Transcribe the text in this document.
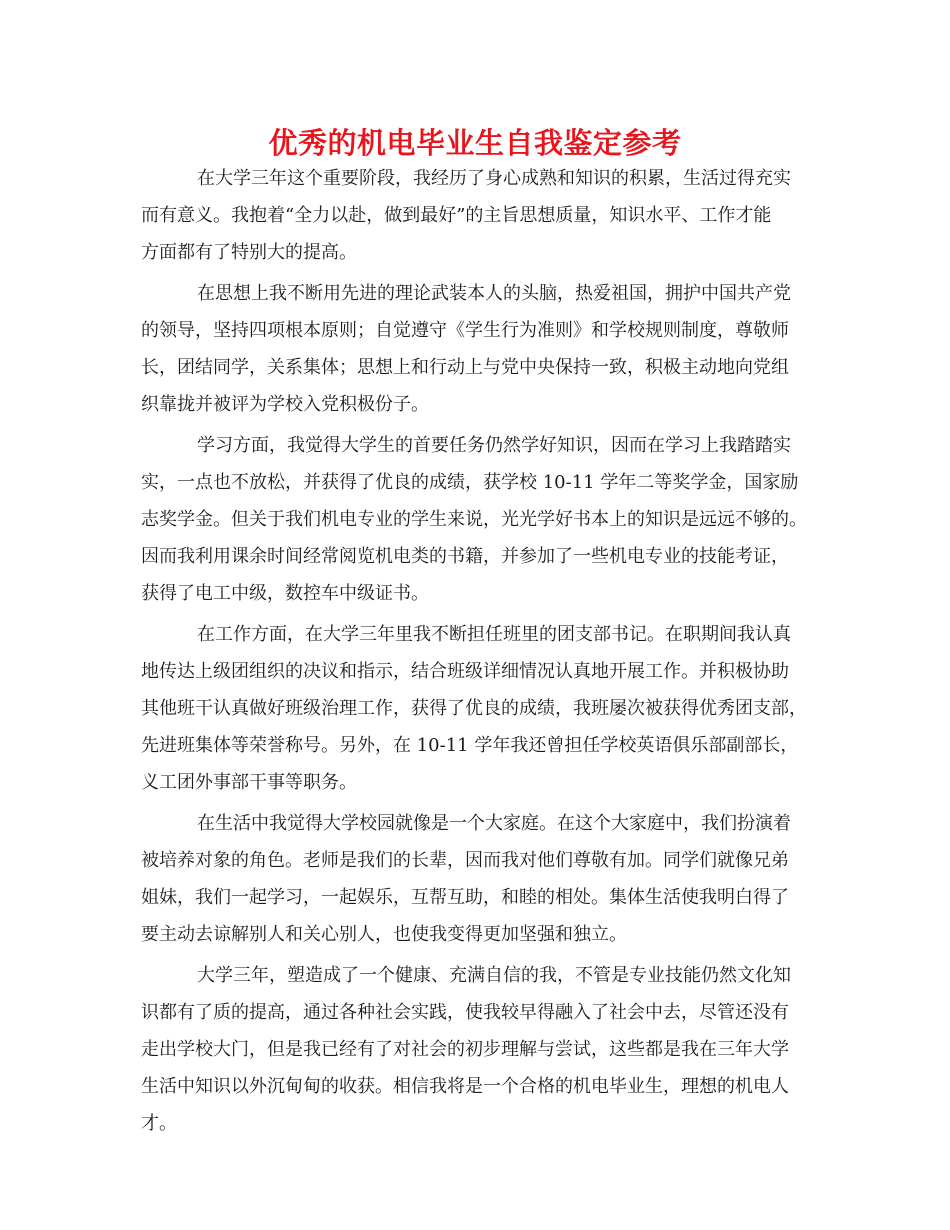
优秀的机电毕业生自我鉴定参考
在大学三年这个重要阶段，我经历了身心成熟和知识的积累，生活过得充实
而有意义。我抱着“全力以赴，做到最好”的主旨思想质量，知识水平、工作才能
方面都有了特别大的提高。
在思想上我不断用先进的理论武装本人的头脑，热爱祖国，拥护中国共产党
的领导，坚持四项根本原则；自觉遵守《学生行为准则》和学校规则制度，尊敬师
长，团结同学，关系集体；思想上和行动上与党中央保持一致，积极主动地向党组
织靠拢并被评为学校入党积极份子。
学习方面，我觉得大学生的首要任务仍然学好知识，因而在学习上我踏踏实
实，一点也不放松，并获得了优良的成绩，获学校 10-11 学年二等奖学金，国家励
志奖学金。但关于我们机电专业的学生来说，光光学好书本上的知识是远远不够的。
因而我利用课余时间经常阅览机电类的书籍，并参加了一些机电专业的技能考证，
获得了电工中级，数控车中级证书。
在工作方面，在大学三年里我不断担任班里的团支部书记。在职期间我认真
地传达上级团组织的决议和指示，结合班级详细情况认真地开展工作。并积极协助
其他班干认真做好班级治理工作，获得了优良的成绩，我班屡次被获得优秀团支部，
先进班集体等荣誉称号。另外，在 10-11 学年我还曾担任学校英语俱乐部副部长，
义工团外事部干事等职务。
在生活中我觉得大学校园就像是一个大家庭。在这个大家庭中，我们扮演着
被培养对象的角色。老师是我们的长辈，因而我对他们尊敬有加。同学们就像兄弟
姐妹，我们一起学习，一起娱乐，互帮互助，和睦的相处。集体生活使我明白得了
要主动去谅解别人和关心别人，也使我变得更加坚强和独立。
大学三年，塑造成了一个健康、充满自信的我，不管是专业技能仍然文化知
识都有了质的提高，通过各种社会实践，使我较早得融入了社会中去，尽管还没有
走出学校大门，但是我已经有了对社会的初步理解与尝试，这些都是我在三年大学
生活中知识以外沉甸甸的收获。相信我将是一个合格的机电毕业生，理想的机电人
才。
